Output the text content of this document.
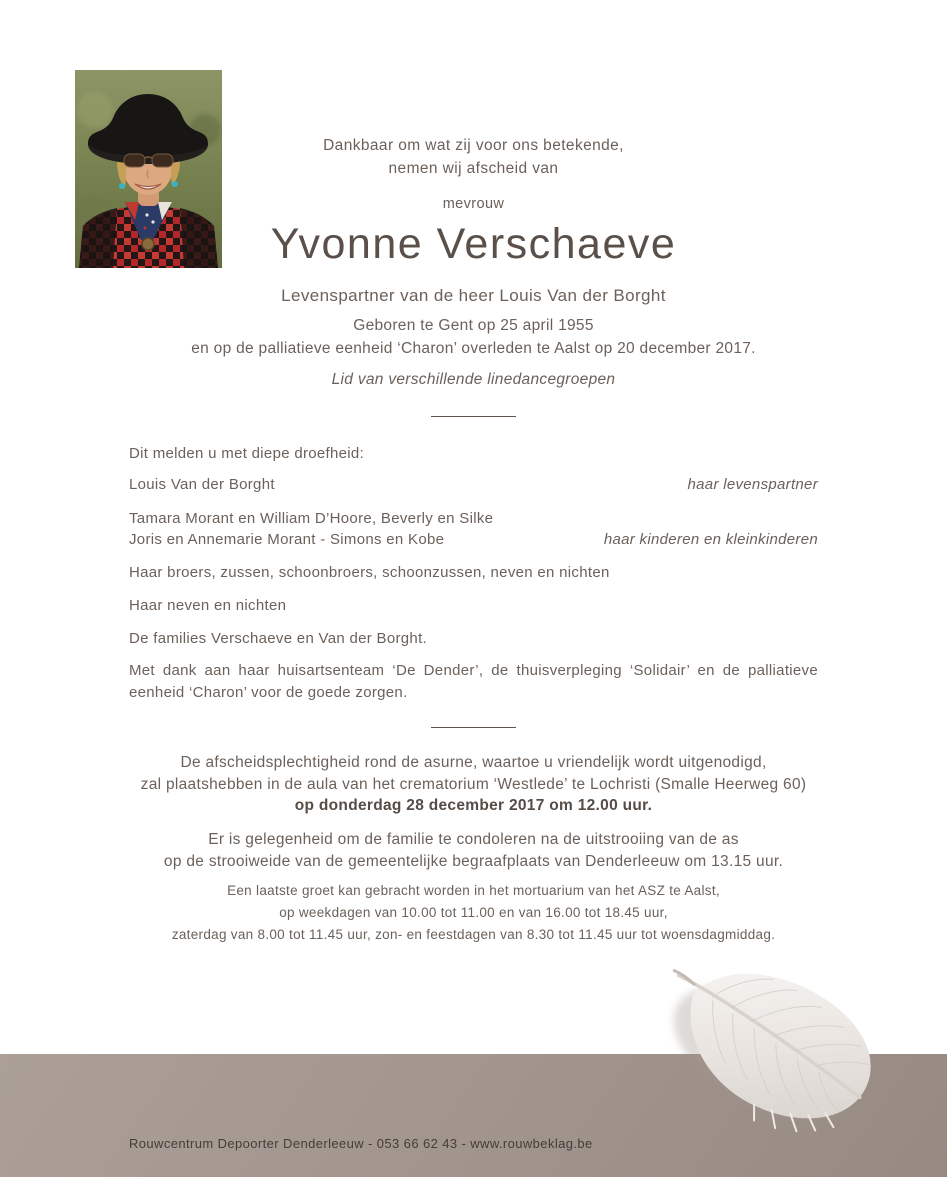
Dankbaar om wat zij voor ons betekende,
nemen wij afscheid van
mevrouw
Yvonne Verschaeve
Levenspartner van de heer Louis Van der Borght
Geboren te Gent op 25 april 1955
en op de palliatieve eenheid ‘Charon’ overleden te Aalst op 20 december 2017.
Lid van verschillende linedancegroepen
Dit melden u met diepe droefheid:
Louis Van der Borght	haar levenspartner
Tamara Morant en William D’Hoore, Beverly en Silke
Joris en Annemarie Morant - Simons en Kobe	haar kinderen en kleinkinderen
Haar broers, zussen, schoonbroers, schoonzussen, neven en nichten
Haar neven en nichten
De families Verschaeve en Van der Borght.
Met dank aan haar huisartsenteam ‘De Dender’, de thuisverpleging ‘Solidair’ en de palliatieve eenheid ‘Charon’ voor de goede zorgen.
De afscheidsplechtigheid rond de asurne, waartoe u vriendelijk wordt uitgenodigd,
zal plaatshebben in de aula van het crematorium ‘Westlede’ te Lochristi (Smalle Heerweg 60)
op donderdag 28 december 2017 om 12.00 uur.
Er is gelegenheid om de familie te condoleren na de uitstrooiing van de as
op de strooiweide van de gemeentelijke begraafplaats van Denderleeuw om 13.15 uur.
Een laatste groet kan gebracht worden in het mortuarium van het ASZ te Aalst,
op weekdagen van 10.00 tot 11.00 en van 16.00 tot 18.45 uur,
zaterdag van 8.00 tot 11.45 uur, zon- en feestdagen van 8.30 tot 11.45 uur tot woensdagmiddag.
Rouwcentrum Depoorter Denderleeuw - 053 66 62 43 - www.rouwbeklag.be
